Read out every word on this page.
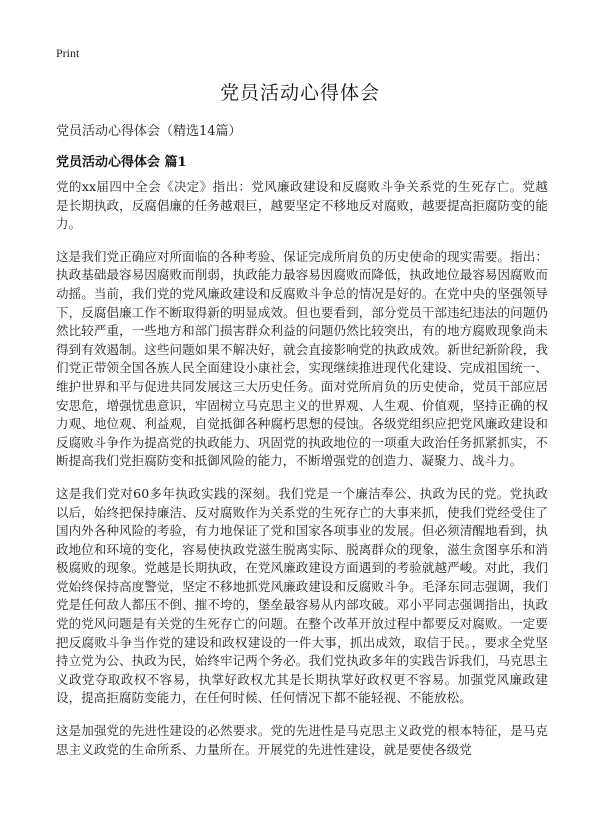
Print
党员活动心得体会
党员活动心得体会（精选14篇）
党员活动心得体会 篇1

党的xx届四中全会《决定》指出：党风廉政建设和反腐败斗争关系党的生死存亡。党越是长期执政，反腐倡廉的任务越艰巨，越要坚定不移地反对腐败，越要提高拒腐防变的能力。

这是我们党正确应对所面临的各种考验、保证完成所肩负的历史使命的现实需要。指出：执政基础最容易因腐败而削弱，执政能力最容易因腐败而降低，执政地位最容易因腐败而动摇。当前，我们党的党风廉政建设和反腐败斗争总的情况是好的。在党中央的坚强领导下，反腐倡廉工作不断取得新的明显成效。但也要看到，部分党员干部违纪违法的问题仍然比较严重，一些地方和部门损害群众利益的问题仍然比较突出，有的地方腐败现象尚未得到有效遏制。这些问题如果不解决好，就会直接影响党的执政成效。新世纪新阶段，我们党正带领全国各族人民全面建设小康社会，实现继续推进现代化建设、完成祖国统一、维护世界和平与促进共同发展这三大历史任务。面对党所肩负的历史使命，党员干部应居安思危，增强忧患意识，牢固树立马克思主义的世界观、人生观、价值观，坚持正确的权力观、地位观、利益观，自觉抵御各种腐朽思想的侵蚀。各级党组织应把党风廉政建设和反腐败斗争作为提高党的执政能力、巩固党的执政地位的一项重大政治任务抓紧抓实，不断提高我们党拒腐防变和抵御风险的能力，不断增强党的创造力、凝聚力、战斗力。

这是我们党对60多年执政实践的深刻。我们党是一个廉洁奉公、执政为民的党。党执政以后，始终把保持廉洁、反对腐败作为关系党的生死存亡的大事来抓，使我们党经受住了国内外各种风险的考验，有力地保证了党和国家各项事业的发展。但必须清醒地看到，执政地位和环境的变化，容易使执政党滋生脱离实际、脱离群众的现象，滋生贪图享乐和消极腐败的现象。党越是长期执政，在党风廉政建设方面遇到的考验就越严峻。对此，我们党始终保持高度警觉，坚定不移地抓党风廉政建设和反腐败斗争。毛泽东同志强调，我们党是任何敌人都压不倒、摧不垮的，堡垒最容易从内部攻破。邓小平同志强调指出，执政党的党风问题是有关党的生死存亡的问题。在整个改革开放过程中都要反对腐败。一定要把反腐败斗争当作党的建设和政权建设的一件大事，抓出成效，取信于民。，要求全党坚持立党为公、执政为民，始终牢记两个务必。我们党执政多年的实践告诉我们，马克思主义政党夺取政权不容易，执掌好政权尤其是长期执掌好政权更不容易。加强党风廉政建设，提高拒腐防变能力，在任何时候、任何情况下都不能轻视、不能放松。

这是加强党的先进性建设的必然要求。党的先进性是马克思主义政党的根本特征，是马克思主义政党的生命所系、力量所在。开展党的先进性建设，就是要使各级党
